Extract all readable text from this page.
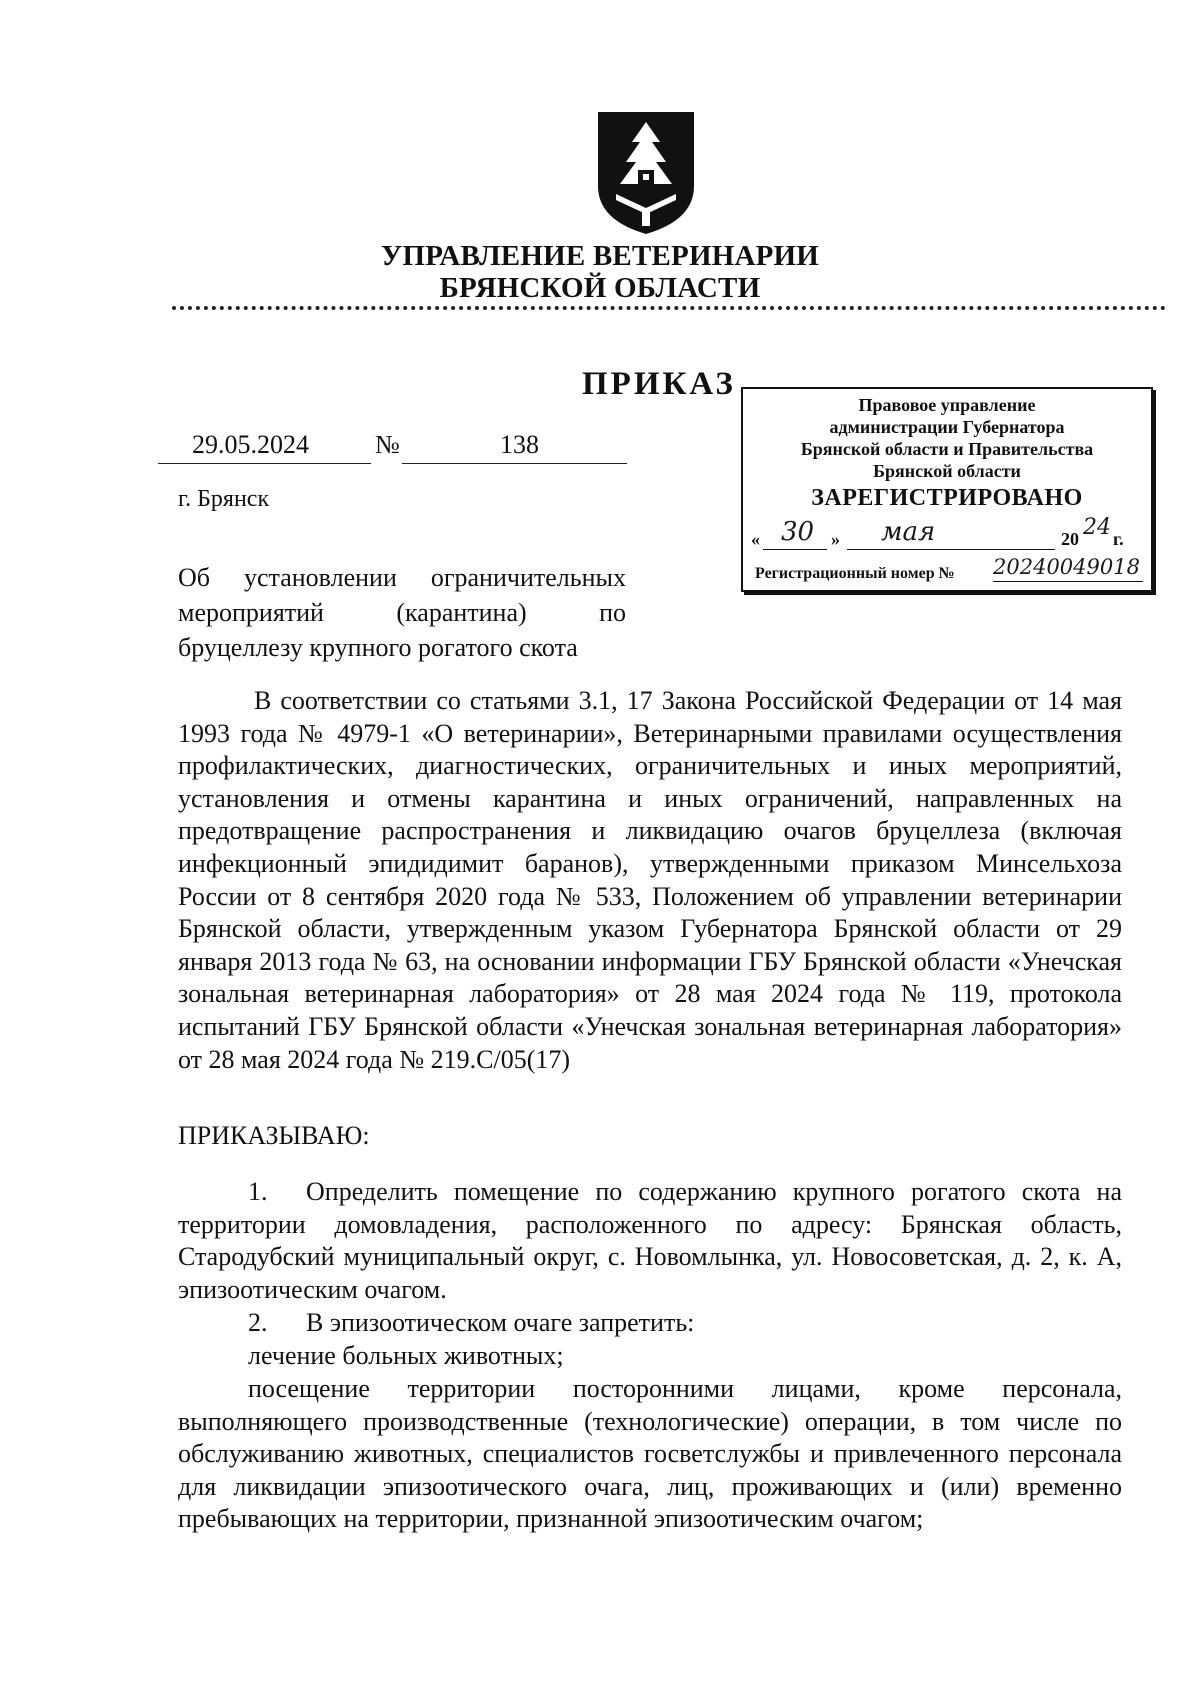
УПРАВЛЕНИЕ ВЕТЕРИНАРИИ
БРЯНСКОЙ ОБЛАСТИ
ПРИКАЗ
29.05.2024	№	138
г. Брянск
Об установлении ограничительных
мероприятий (карантина) по
бруцеллезу крупного рогатого скота
Правовое управление
администрации Губернатора
Брянской области и Правительства
Брянской области
ЗАРЕГИСТРИРОВАНО
« 30 » мая	20 24 г.
Регистрационный номер № 20240049018
В соответствии со статьями 3.1, 17 Закона Российской Федерации от 14 мая 1993 года № 4979-1 «О ветеринарии», Ветеринарными правилами осуществления профилактических, диагностических, ограничительных и иных мероприятий, установления и отмены карантина и иных ограничений, направленных на предотвращение распространения и ликвидацию очагов бруцеллеза (включая инфекционный эпидидимит баранов), утвержденными приказом Минсельхоза России от 8 сентября 2020 года № 533, Положением об управлении ветеринарии Брянской области, утвержденным указом Губернатора Брянской области от 29 января 2013 года № 63, на основании информации ГБУ Брянской области «Унечская зональная ветеринарная лаборатория» от 28 мая 2024 года № 119, протокола испытаний ГБУ Брянской области «Унечская зональная ветеринарная лаборатория» от 28 мая 2024 года № 219.С/05(17)
ПРИКАЗЫВАЮ:
1. Определить помещение по содержанию крупного рогатого скота на территории домовладения, расположенного по адресу: Брянская область, Стародубский муниципальный округ, с. Новомлынка, ул. Новосоветская, д. 2, к. А, эпизоотическим очагом.
2. В эпизоотическом очаге запретить:
лечение больных животных;
посещение территории посторонними лицами, кроме персонала, выполняющего производственные (технологические) операции, в том числе по обслуживанию животных, специалистов госветслужбы и привлеченного персонала для ликвидации эпизоотического очага, лиц, проживающих и (или) временно пребывающих на территории, признанной эпизоотическим очагом;
